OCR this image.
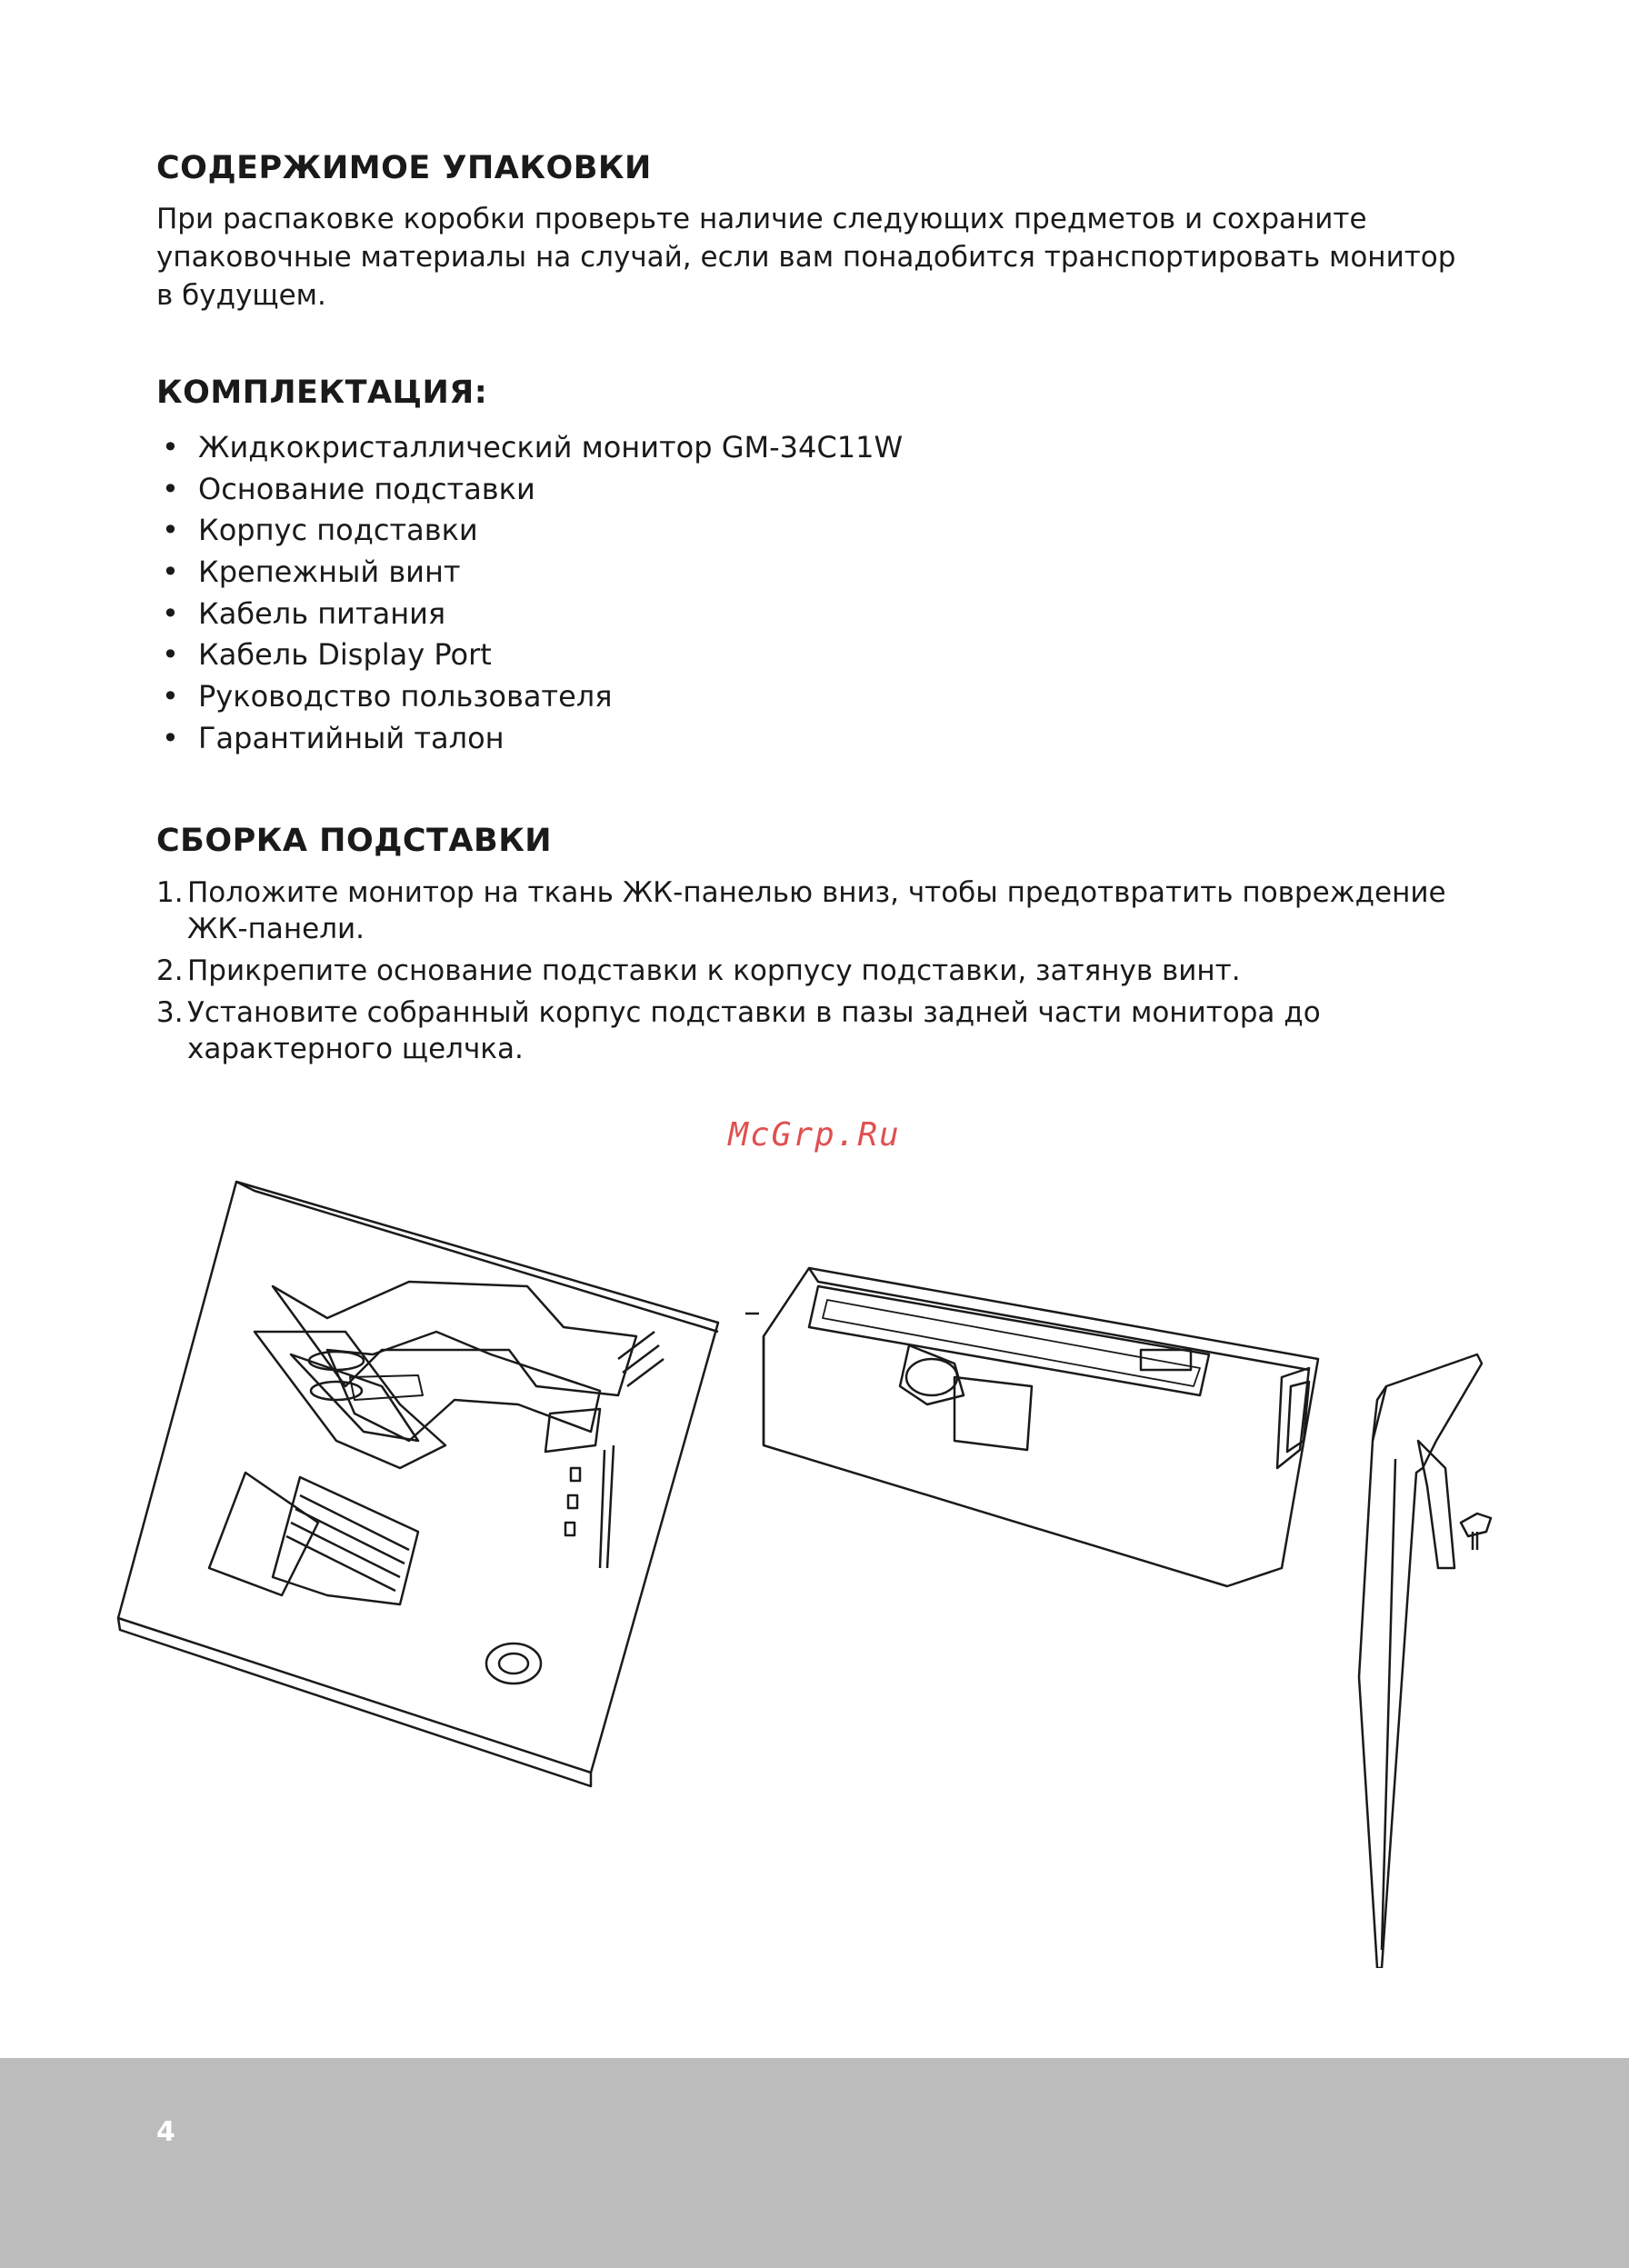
СОДЕРЖИМОЕ УПАКОВКИ

При распаковке коробки проверьте наличие следующих предметов и сохраните упаковочные материалы на случай, если вам понадобится транспортировать монитор в будущем.

КОМПЛЕКТАЦИЯ:
• Жидкокристаллический монитор GM-34C11W
• Основание подставки
• Корпус подставки
• Крепежный винт
• Кабель питания
• Кабель Display Port
• Руководство пользователя
• Гарантийный талон
СБОРКА ПОДСТАВКИ
1. Положите монитор на ткань ЖК-панелью вниз, чтобы предотвратить повреждение ЖК-панели.
2. Прикрепите основание подставки к корпусу подставки, затянув винт.
3. Установите собранный корпус подставки в пазы задней части монитора до характерного щелчка.
McGrp.Ru
4
